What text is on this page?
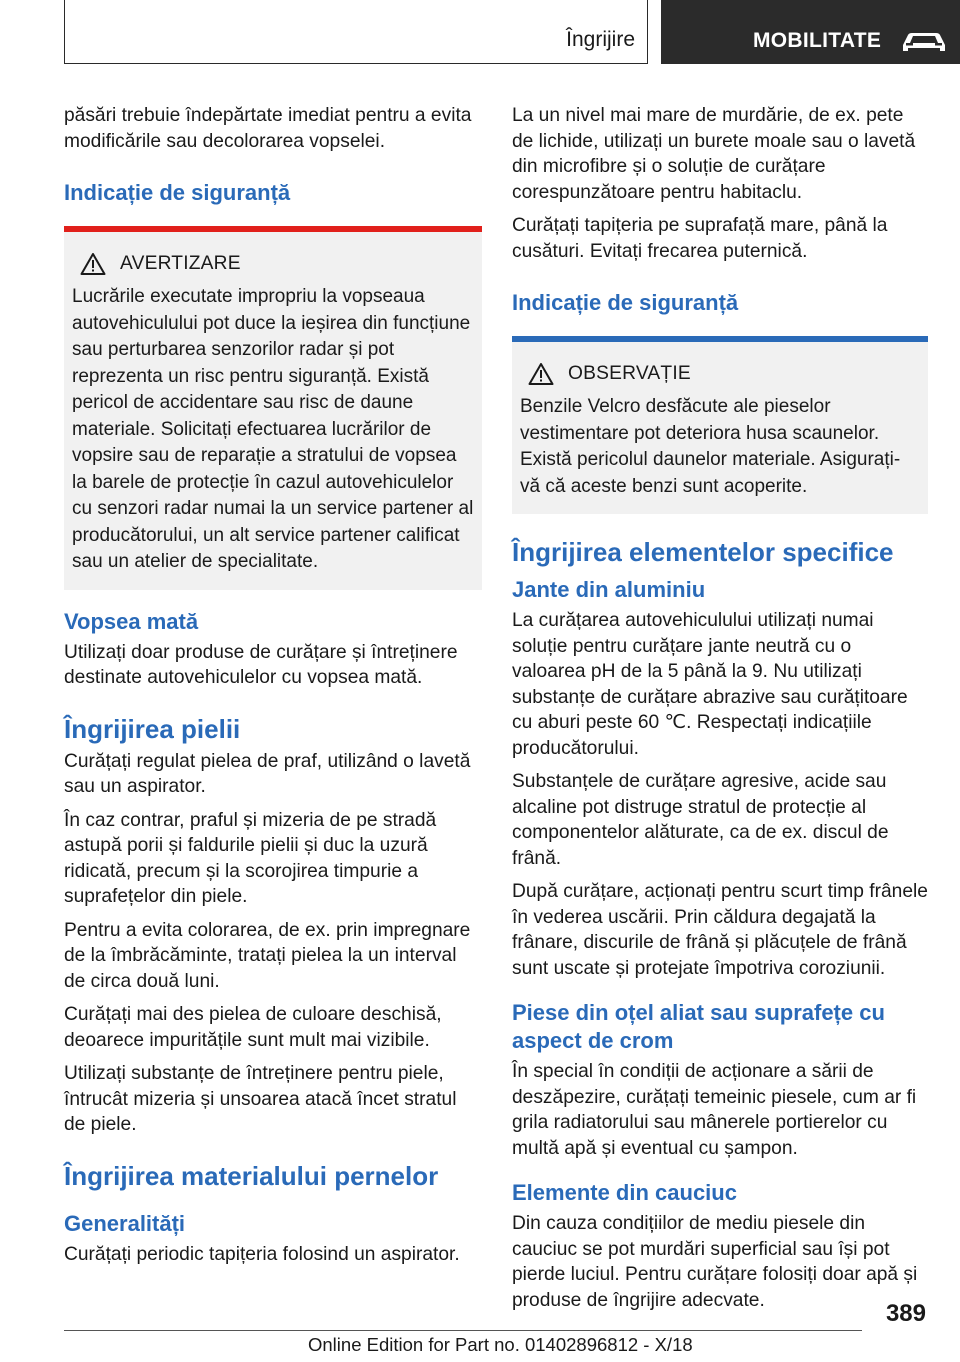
Îngrijire	MOBILITATE

păsări trebuie îndepărtate imediat pentru a evita modificările sau decolorarea vopselei.

Indicație de siguranță
AVERTIZARE

Lucrările executate impropriu la vopseaua autovehiculului pot duce la ieșirea din funcțiune sau perturbarea senzorilor radar și pot reprezenta un risc pentru siguranță. Există pericol de accidentare sau risc de daune materiale. Solicitați efectuarea lucrărilor de vopsire sau de reparație a stratului de vopsea la barele de protecție în cazul autovehiculelor cu senzori radar numai la un service partener al producătorului, un alt service partener calificat sau un atelier de specialitate.

Vopsea mată

Utilizați doar produse de curățare și întreținere destinate autovehiculelor cu vopsea mată.

Îngrijirea pielii

Curățați regulat pielea de praf, utilizând o lavetă sau un aspirator.

În caz contrar, praful și mizeria de pe stradă astupă porii și faldurile pielii și duc la uzură ridicată, precum și la scorojirea timpurie a suprafețelor din piele.

Pentru a evita colorarea, de ex. prin impregnare de la îmbrăcăminte, tratați pielea la un interval de circa două luni.

Curățați mai des pielea de culoare deschisă, deoarece impuritățile sunt mult mai vizibile.

Utilizați substanțe de întreținere pentru piele, întrucât mizeria și unsoarea atacă încet stratul de piele.

Îngrijirea materialului pernelor
Generalități

Curățați periodic tapițeria folosind un aspirator.

La un nivel mai mare de murdărie, de ex. pete de lichide, utilizați un burete moale sau o lavetă din microfibre și o soluție de curățare corespunzătoare pentru habitaclu.

Curățați tapițeria pe suprafață mare, până la cusături. Evitați frecarea puternică.

Indicație de siguranță
OBSERVAȚIE

Benzile Velcro desfăcute ale pieselor vestimentare pot deteriora husa scaunelor. Există pericolul daunelor materiale. Asigurați-vă că aceste benzi sunt acoperite.

Îngrijirea elementelor specifice
Jante din aluminiu

La curățarea autovehiculului utilizați numai soluție pentru curățare jante neutră cu o valoarea pH de la 5 până la 9. Nu utilizați substanțe de curățare abrazive sau curățitoare cu aburi peste 60 ℃. Respectați indicațiile producătorului.

Substanțele de curățare agresive, acide sau alcaline pot distruge stratul de protecție al componentelor alăturate, ca de ex. discul de frână.

După curățare, acționați pentru scurt timp frânele în vederea uscării. Prin căldura degajată la frânare, discurile de frână și plăcuțele de frână sunt uscate și protejate împotriva coroziunii.

Piese din oțel aliat sau suprafețe cu aspect de crom

În special în condiții de acționare a sării de deszăpezire, curățați temeinic piesele, cum ar fi grila radiatorului sau mânerele portierelor cu multă apă și eventual cu șampon.

Elemente din cauciuc

Din cauza condițiilor de mediu piesele din cauciuc se pot murdări superficial sau își pot pierde luciul. Pentru curățare folosiți doar apă și produse de îngrijire adecvate.	389
Online Edition for Part no. 01402896812 - X/18
